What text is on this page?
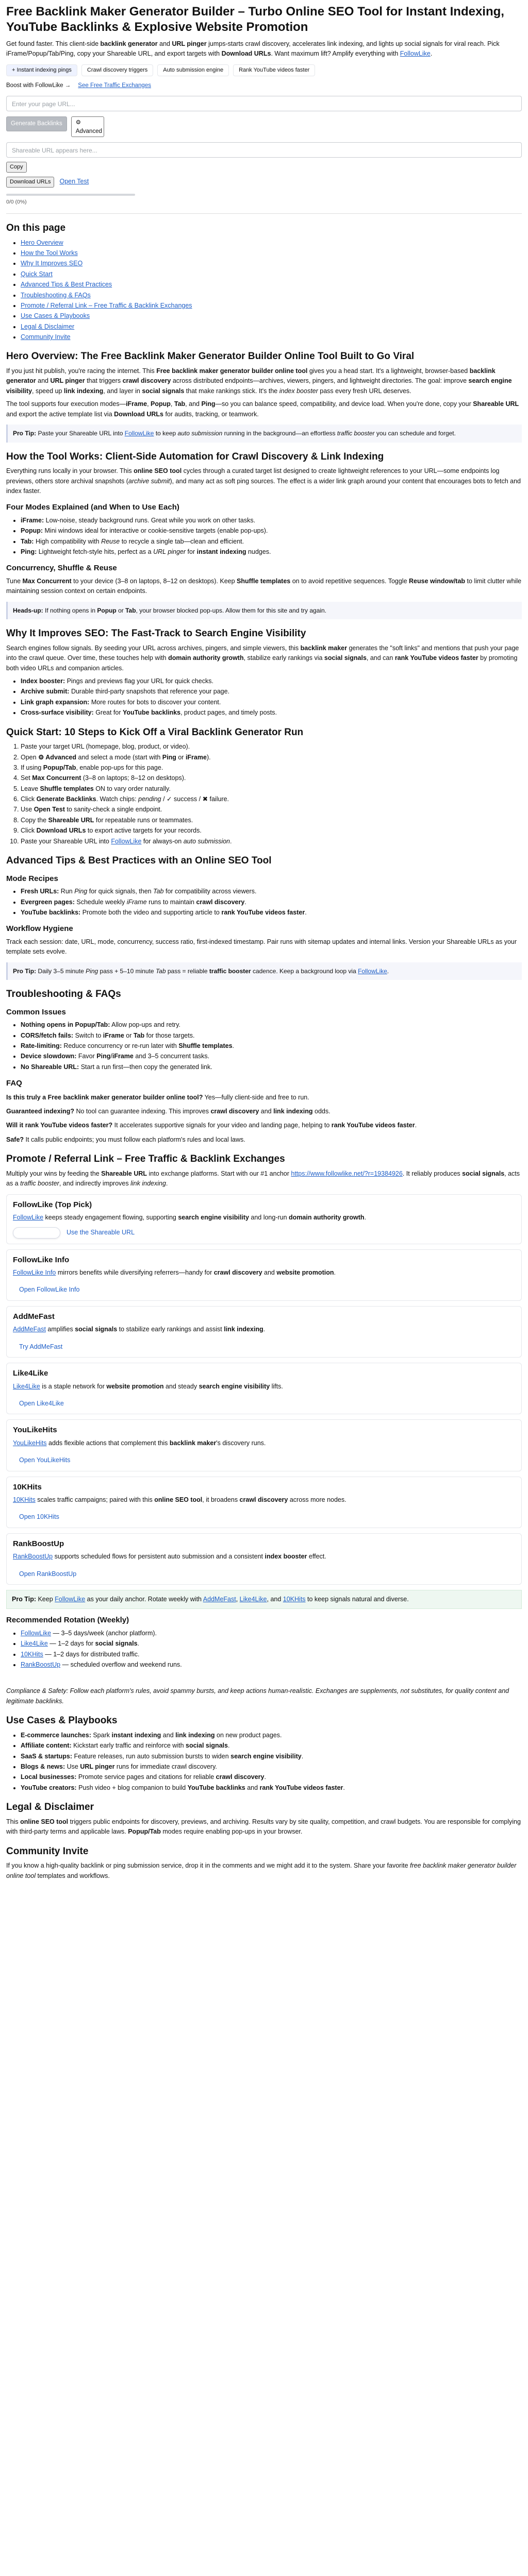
Free Backlink Maker Generator Builder – Turbo Online SEO Tool for Instant Indexing, YouTube Backlinks & Explosive Website Promotion

Get found faster. This client-side backlink generator and URL pinger jumps-starts crawl discovery, accelerates link indexing, and lights up social signals for viral reach. Pick iFrame/Popup/Tab/Ping, copy your Shareable URL, and export targets with Download URLs. Want maximum lift? Amplify everything with FollowLike.

+ Instant indexing pings	Crawl discovery triggers	Auto submission engine	Rank YouTube videos faster
Boost with FollowLike → See Free Traffic Exchanges
Enter your page URL...
Generate Backlinks	⚙ Advanced
Shareable URL appears here...
Copy
Download URLs	Open Test
0/0 (0%)
On this page
• Hero Overview
• How the Tool Works
• Why It Improves SEO
• Quick Start
• Advanced Tips & Best Practices
• Troubleshooting & FAQs
• Promote / Referral Link – Free Traffic & Backlink Exchanges
• Use Cases & Playbooks
• Legal & Disclaimer
• Community Invite
Hero Overview: The Free Backlink Maker Generator Builder Online Tool Built to Go Viral

If you just hit publish, you're racing the internet. This Free backlink maker generator builder online tool gives you a head start. It's a lightweight, browser-based backlink generator and URL pinger that triggers crawl discovery across distributed endpoints—archives, viewers, pingers, and lightweight directories. The goal: improve search engine visibility, speed up link indexing, and layer in social signals that make rankings stick. It's the index booster pass every fresh URL deserves.

The tool supports four execution modes—iFrame, Popup, Tab, and Ping—so you can balance speed, compatibility, and device load. When you're done, copy your Shareable URL and export the active template list via Download URLs for audits, tracking, or teamwork.

Pro Tip: Paste your Shareable URL into FollowLike to keep auto submission running in the background—an effortless traffic booster you can schedule and forget.
How the Tool Works: Client-Side Automation for Crawl Discovery & Link Indexing

Everything runs locally in your browser. This online SEO tool cycles through a curated target list designed to create lightweight references to your URL—some endpoints log previews, others store archival snapshots (archive submit), and many act as soft ping sources. The effect is a wider link graph around your content that encourages bots to fetch and index faster.

Four Modes Explained (and When to Use Each)
• iFrame: Low-noise, steady background runs. Great while you work on other tasks.
• Popup: Mini windows ideal for interactive or cookie-sensitive targets (enable pop-ups).
• Tab: High compatibility with Reuse to recycle a single tab—clean and efficient.
• Ping: Lightweight fetch-style hits, perfect as a URL pinger for instant indexing nudges.
Concurrency, Shuffle & Reuse

Tune Max Concurrent to your device (3–8 on laptops, 8–12 on desktops). Keep Shuffle templates on to avoid repetitive sequences. Toggle Reuse window/tab to limit clutter while maintaining session context on certain endpoints.

Heads-up: If nothing opens in Popup or Tab, your browser blocked pop-ups. Allow them for this site and try again.
Why It Improves SEO: The Fast-Track to Search Engine Visibility

Search engines follow signals. By seeding your URL across archives, pingers, and simple viewers, this backlink maker generates the "soft links" and mentions that push your page into the crawl queue. Over time, these touches help with domain authority growth, stabilize early rankings via social signals, and can rank YouTube videos faster by promoting both video URLs and companion articles.

• Index booster: Pings and previews flag your URL for quick checks.
• Archive submit: Durable third-party snapshots that reference your page.
• Link graph expansion: More routes for bots to discover your content.
• Cross-surface visibility: Great for YouTube backlinks, product pages, and timely posts.
Quick Start: 10 Steps to Kick Off a Viral Backlink Generator Run
1. Paste your target URL (homepage, blog, product, or video).
2. Open ⚙ Advanced and select a mode (start with Ping or iFrame).
3. If using Popup/Tab, enable pop-ups for this page.
4. Set Max Concurrent (3–8 on laptops; 8–12 on desktops).
5. Leave Shuffle templates ON to vary order naturally.
6. Click Generate Backlinks. Watch chips: pending / ✓ success / ✖ failure.
7. Use Open Test to sanity-check a single endpoint.
8. Copy the Shareable URL for repeatable runs or teammates.
9. Click Download URLs to export active targets for your records.
10. Paste your Shareable URL into FollowLike for always-on auto submission.
Advanced Tips & Best Practices with an Online SEO Tool
Mode Recipes
• Fresh URLs: Run Ping for quick signals, then Tab for compatibility across viewers.
• Evergreen pages: Schedule weekly iFrame runs to maintain crawl discovery.
• YouTube backlinks: Promote both the video and supporting article to rank YouTube videos faster.
Workflow Hygiene

Track each session: date, URL, mode, concurrency, success ratio, first-indexed timestamp. Pair runs with sitemap updates and internal links. Version your Shareable URLs as your template sets evolve.

Pro Tip: Daily 3–5 minute Ping pass + 5–10 minute Tab pass = reliable traffic booster cadence. Keep a background loop via FollowLike.
Troubleshooting & FAQs
Common Issues
• Nothing opens in Popup/Tab: Allow pop-ups and retry.
• CORS/fetch fails: Switch to iFrame or Tab for those targets.
• Rate-limiting: Reduce concurrency or re-run later with Shuffle templates.
• Device slowdown: Favor Ping/iFrame and 3–5 concurrent tasks.
• No Shareable URL: Start a run first—then copy the generated link.
FAQ

Is this truly a Free backlink maker generator builder online tool? Yes—fully client-side and free to run.

Guaranteed indexing? No tool can guarantee indexing. This improves crawl discovery and link indexing odds.

Will it rank YouTube videos faster? It accelerates supportive signals for your video and landing page, helping to rank YouTube videos faster.

Safe? It calls public endpoints; you must follow each platform's rules and local laws.

Promote / Referral Link – Free Traffic & Backlink Exchanges

Multiply your wins by feeding the Shareable URL into exchange platforms. Start with our #1 anchor https://www.followlike.net/?r=19384926. It reliably produces social signals, acts as a traffic booster, and indirectly improves link indexing.

FollowLike (Top Pick)

FollowLike keeps steady engagement flowing, supporting search engine visibility and long-run domain authority growth.

Use the Shareable URL
FollowLike Info

FollowLike Info mirrors benefits while diversifying referrers—handy for crawl discovery and website promotion.

Open FollowLike Info
AddMeFast

AddMeFast amplifies social signals to stabilize early rankings and assist link indexing.

Try AddMeFast
Like4Like

Like4Like is a staple network for website promotion and steady search engine visibility lifts.

Open Like4Like
YouLikeHits

YouLikeHits adds flexible actions that complement this backlink maker's discovery runs.

Open YouLikeHits
10KHits

10KHits scales traffic campaigns; paired with this online SEO tool, it broadens crawl discovery across more nodes.

Open 10KHits
RankBoostUp

RankBoostUp supports scheduled flows for persistent auto submission and a consistent index booster effect.

Open RankBoostUp
Pro Tip: Keep FollowLike as your daily anchor. Rotate weekly with AddMeFast, Like4Like, and 10KHits to keep signals natural and diverse.
Recommended Rotation (Weekly)
• FollowLike — 3–5 days/week (anchor platform).
• Like4Like — 1–2 days for social signals.
• 10KHits — 1–2 days for distributed traffic.
• RankBoostUp — scheduled overflow and weekend runs.

Compliance & Safety: Follow each platform's rules, avoid spammy bursts, and keep actions human-realistic. Exchanges are supplements, not substitutes, for quality content and legitimate backlinks.

Use Cases & Playbooks
• E-commerce launches: Spark instant indexing and link indexing on new product pages.
• Affiliate content: Kickstart early traffic and reinforce with social signals.
• SaaS & startups: Feature releases, run auto submission bursts to widen search engine visibility.
• Blogs & news: Use URL pinger runs for immediate crawl discovery.
• Local businesses: Promote service pages and citations for reliable crawl discovery.
• YouTube creators: Push video + blog companion to build YouTube backlinks and rank YouTube videos faster.
Legal & Disclaimer

This online SEO tool triggers public endpoints for discovery, previews, and archiving. Results vary by site quality, competition, and crawl budgets. You are responsible for complying with third-party terms and applicable laws. Popup/Tab modes require enabling pop-ups in your browser.

Community Invite

If you know a high-quality backlink or ping submission service, drop it in the comments and we might add it to the system. Share your favorite free backlink maker generator builder online tool templates and workflows.
